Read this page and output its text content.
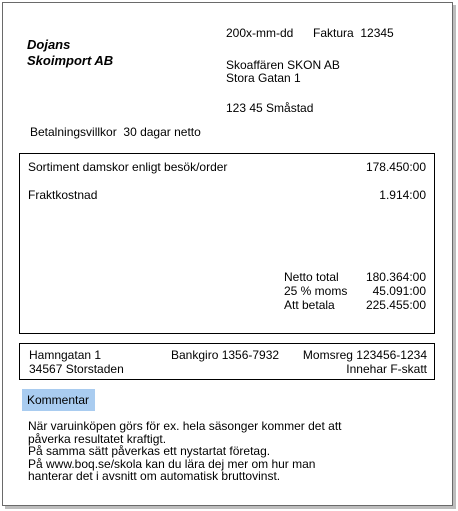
Dojans
Skoimport AB
200x-mm-dd Faktura 12345
Skoaffären SKON AB
Stora Gatan 1
123 45 Småstad
Betalningsvillkor 30 dagar netto
Sortiment damskor enligt besök/order	178.450:00
Fraktkostnad	1.914:00
Netto total 180.364:00
25 % moms 45.091:00
Att betala	225.455:00
Hamngatan 1
34567 Storstaden
Bankgiro 1356-7932 Momsreg 123456-1234
Innehar F-skatt
Kommentar
När varuinköpen görs för ex. hela säsonger kommer det att
påverka resultatet kraftigt.
På samma sätt påverkas ett nystartat företag.
På www.boq.se/skola kan du lära dej mer om hur man
hanterar det i avsnitt om automatisk bruttovinst.
